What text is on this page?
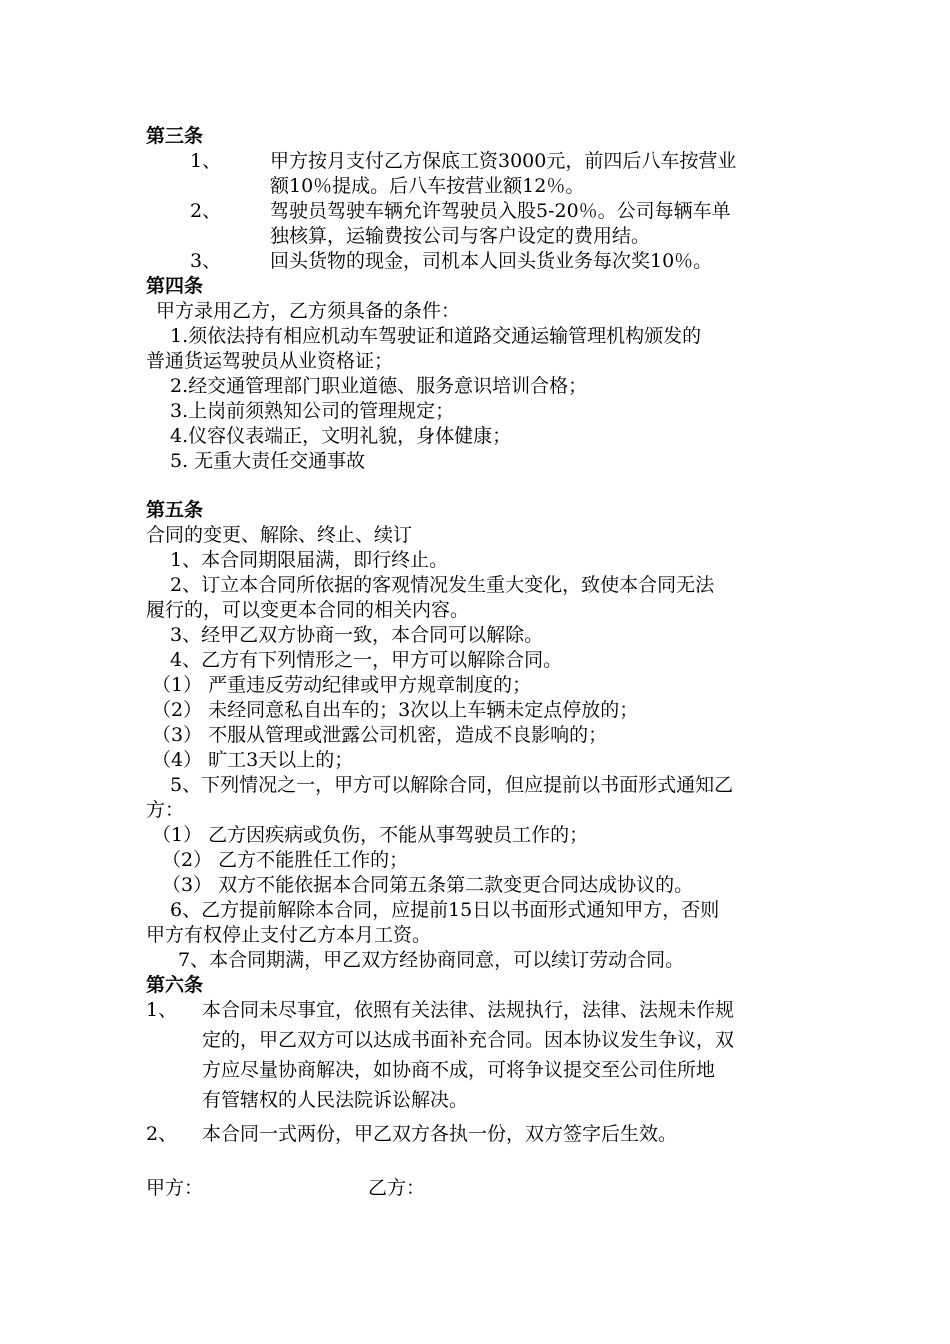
第三条
1、	甲方按月支付乙方保底工资3000元，前四后八车按营业
额10％提成。后八车按营业额12％。
2、	驾驶员驾驶车辆允许驾驶员入股5-20％。公司每辆车单
独核算，运输费按公司与客户设定的费用结。
3、	回头货物的现金，司机本人回头货业务每次奖10％。
第四条
甲方录用乙方，乙方须具备的条件：
1.须依法持有相应机动车驾驶证和道路交通运输管理机构颁发的
普通货运驾驶员从业资格证；
2.经交通管理部门职业道德、服务意识培训合格；
3.上岗前须熟知公司的管理规定；
4.仪容仪表端正，文明礼貌，身体健康；
5. 无重大责任交通事故
第五条
合同的变更、解除、终止、续订
1、本合同期限届满，即行终止。
2、订立本合同所依据的客观情况发生重大变化，致使本合同无法
履行的，可以变更本合同的相关内容。
3、经甲乙双方协商一致，本合同可以解除。
4、乙方有下列情形之一，甲方可以解除合同。
（1） 严重违反劳动纪律或甲方规章制度的；
（2） 未经同意私自出车的；3次以上车辆未定点停放的；
（3） 不服从管理或泄露公司机密，造成不良影响的；
（4） 旷工3天以上的；
5、下列情况之一，甲方可以解除合同，但应提前以书面形式通知乙
方：
（1） 乙方因疾病或负伤，不能从事驾驶员工作的；
（2） 乙方不能胜任工作的；
（3） 双方不能依据本合同第五条第二款变更合同达成协议的。
6、乙方提前解除本合同，应提前15日以书面形式通知甲方，否则
甲方有权停止支付乙方本月工资。
7、本合同期满，甲乙双方经协商同意，可以续订劳动合同。
第六条
1、 本合同未尽事宜，依照有关法律、法规执行，法律、法规未作规
定的，甲乙双方可以达成书面补充合同。因本协议发生争议，双
方应尽量协商解决，如协商不成，可将争议提交至公司住所地
有管辖权的人民法院诉讼解决。
2、 本合同一式两份，甲乙双方各执一份，双方签字后生效。
甲方：	乙方：
